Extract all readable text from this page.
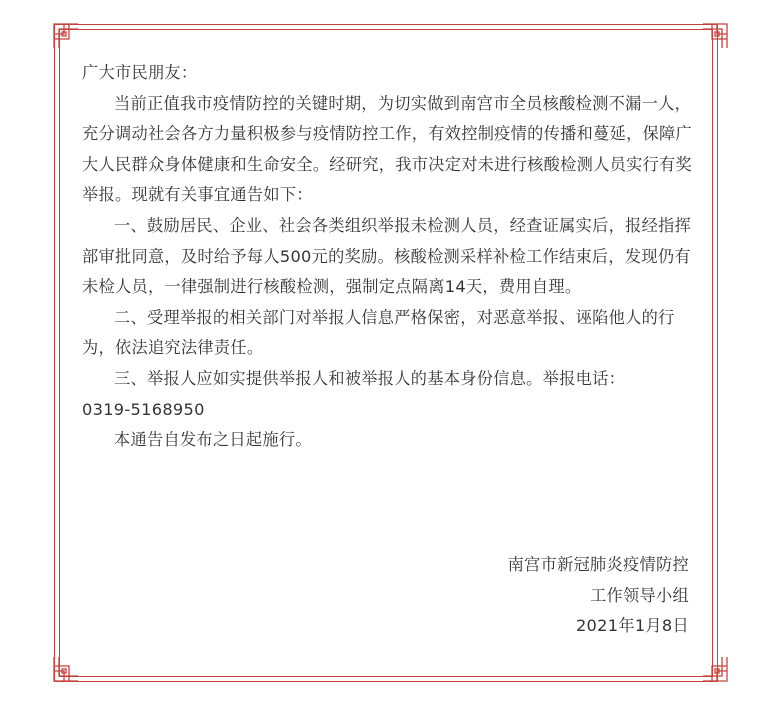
广大市民朋友：

当前正值我市疫情防控的关键时期，为切实做到南宫市全员核酸检测不漏一人，充分调动社会各方力量积极参与疫情防控工作，有效控制疫情的传播和蔓延，保障广大人民群众身体健康和生命安全。经研究，我市决定对未进行核酸检测人员实行有奖举报。现就有关事宜通告如下：

一、鼓励居民、企业、社会各类组织举报未检测人员，经查证属实后，报经指挥部审批同意，及时给予每人500元的奖励。核酸检测采样补检工作结束后，发现仍有未检人员，一律强制进行核酸检测，强制定点隔离14天，费用自理。

二、受理举报的相关部门对举报人信息严格保密，对恶意举报、诬陷他人的行为，依法追究法律责任。

三、举报人应如实提供举报人和被举报人的基本身份信息。举报电话：

0319-5168950

本通告自发布之日起施行。

南宫市新冠肺炎疫情防控
工作领导小组
2021年1月8日
